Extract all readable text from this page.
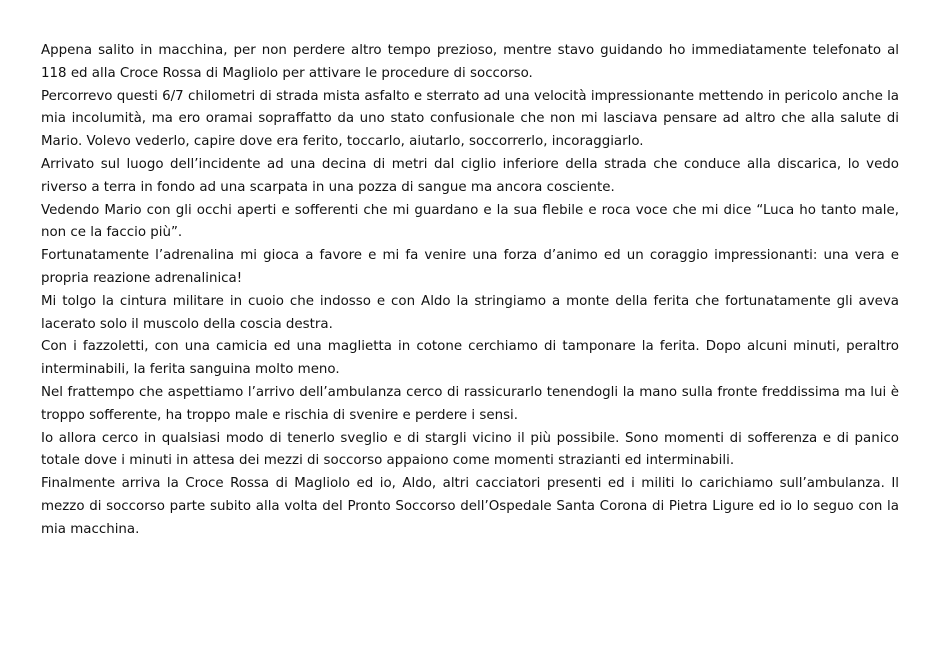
Appena salito in macchina, per non perdere altro tempo prezioso, mentre stavo guidando ho immediatamente telefonato al 118 ed alla Croce Rossa di Magliolo per attivare le procedure di soccorso.

Percorrevo questi 6/7 chilometri di strada mista asfalto e sterrato ad una velocità impressionante mettendo in pericolo anche la mia incolumità, ma ero oramai sopraffatto da uno stato confusionale che non mi lasciava pensare ad altro che alla salute di Mario. Volevo vederlo, capire dove era ferito, toccarlo, aiutarlo, soccorrerlo, incoraggiarlo.

Arrivato sul luogo dell’incidente ad una decina di metri dal ciglio inferiore della strada che conduce alla discarica, lo vedo riverso a terra in fondo ad una scarpata in una pozza di sangue ma ancora cosciente.

Vedendo Mario con gli occhi aperti e sofferenti che mi guardano e la sua flebile e roca voce che mi dice “Luca ho tanto male, non ce la faccio più”.

Fortunatamente l’adrenalina mi gioca a favore e mi fa venire una forza d’animo ed un coraggio impressionanti: una vera e propria reazione adrenalinica!

Mi tolgo la cintura militare in cuoio che indosso e con Aldo la stringiamo a monte della ferita che fortunatamente gli aveva lacerato solo il muscolo della coscia destra.

Con i fazzoletti, con una camicia ed una maglietta in cotone cerchiamo di tamponare la ferita. Dopo alcuni minuti, peraltro interminabili, la ferita sanguina molto meno.

Nel frattempo che aspettiamo l’arrivo dell’ambulanza cerco di rassicurarlo tenendogli la mano sulla fronte freddissima ma lui è troppo sofferente, ha troppo male e rischia di svenire e perdere i sensi.

Io allora cerco in qualsiasi modo di tenerlo sveglio e di stargli vicino il più possibile. Sono momenti di sofferenza e di panico totale dove i minuti in attesa dei mezzi di soccorso appaiono come momenti strazianti ed interminabili.

Finalmente arriva la Croce Rossa di Magliolo ed io, Aldo, altri cacciatori presenti ed i militi lo carichiamo sull’ambulanza. Il mezzo di soccorso parte subito alla volta del Pronto Soccorso dell’Ospedale Santa Corona di Pietra Ligure ed io lo seguo con la mia macchina.
